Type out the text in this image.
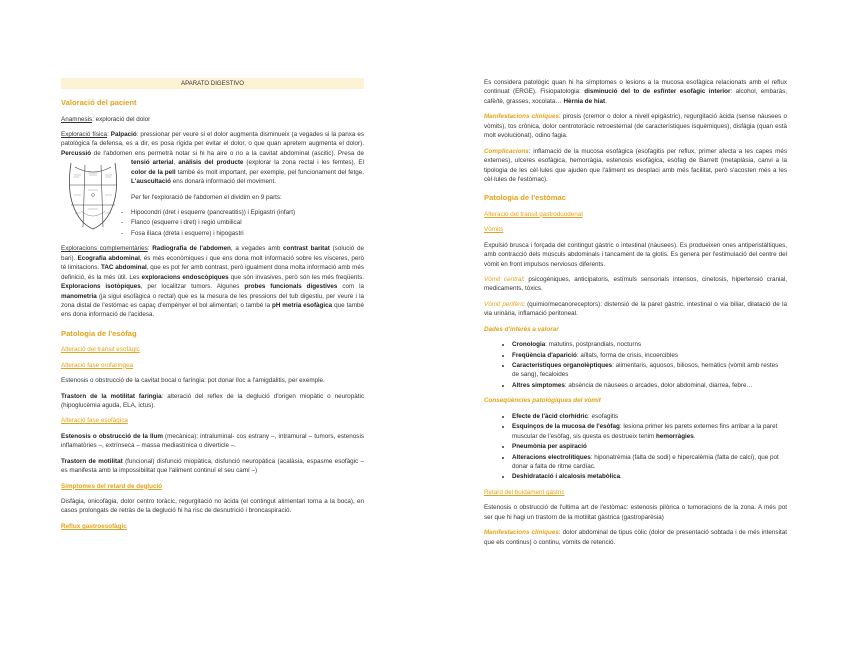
APARATO DIGESTIVO
Valoració del pacient

Anamnesis: exploració del dolor

Exploració física: Palpació: pressionar per veure si el dolor augmenta disminueix (a vegades si la panxa es patològica fa defensa, es a dir, es posa rígida per evitar el dolor, o que quan apretem augmenta el dolor). Percussió de l'abdomen ens permetrà notar si hi ha aire o no a la cavitat abdominal (ascitic). Presa de
tensió arterial, anàlisis del producte (explorar la zona rectal i les femtes). El color de la pell també és molt important, per exemple, pel funcionament del fetge. L'auscultació ens donarà informació del moviment.

Per fer l'exploració de l'abdomen el dividim en 9 parts:

- Hipocondri (dret i esquerre (pancreatitis)) i Epigastri (infart)
- Flanco (esquerre i dret) i regió umbilical
- Fosa ilíaca (dreta i esquerre) i hipogastri

Exploracions complementàries: Radiografia de l'abdomen, a vegades amb contrast baritat (solució de bari). Ecografia abdominal, és més econòmiques i que ens dona molt informació sobre les vísceres, però té limitacions. TAC abdominal, que es pot fer amb contrast, però igualment dona molta informació amb més definició, és la més útil. Les exploracions endoscòpiques que són invasives, però són les més freqüents. Exploracions isotòpiques, per localitzar tumors. Algunes probes funcionals digestives com la manometria (ja sigui esofàgica o rectal) que es la mesura de les pressions del tub digestiu, per veure i la zona distal de l'estómac es capaç d'empènyer el bol alimentari; o també la pH metria esofàgica que també ens dona informació de l'acidesa.

Patologia de l'esòfag
Alteració del transit esofàgic
Alteració fase orofaríngea

Estenosis o obstrucció de la cavitat bocal o faríngia: pot donar lloc a l'amigdalitis, per exemple.

Trastorn de la motilitat faríngia: alteració del reflex de la deglució d'origen miopàtic o neuropàtic (hipoglucèmia aguda, ELA, ictus).

Alteració fase esofàgica

Estenosis o obstrucció de la llum (mecànica): intraluminal- cos estrany –, intramural – tumors, estenosis inflamatòries –, extrínseca – massa mediastínica o diverticle –.

Trastorn de motilitat (funcional) disfunció miopàtica, disfunció neuropàtica (acalàsia, espasme esofàgic – es manifesta amb la impossibilitat que l'aliment continuï el seu camí –)

Símptomes del retard de deglució

Disfàgia, onicofàgia, dolor centro toràcic, regurgitació no àcida (el contingut alimentari torna a la boca), en casos prolongats de retràs de la deglució hi ha risc de desnutrició i broncaspiració.

Reflux gastroesofàgic

Es considera patològic quan hi ha símptomes o lesions a la mucosa esofàgica relacionats amb el reflux continuat (ERGE). Fisiopatologia: disminució del to de esfínter esofàgic interior: alcohol, embaràs, cafè/tè, grasses, xocolata… Hèrnia de hiat.

Manifestacions clíniques: pirosis (cremor o dolor a nivell epigàstric), regurgitació àcida (sense nàusees o vòmits), tos crònica, dolor centrotoràcic retroesternal (de característiques isquèmiques), disfàgia (quan està molt evolucionat), odino fagia.

Complicacions: inflamació de la mucosa esofàgica (esofagitis per reflux, primer afecta a les capes més externes), ulceres esofàgica, hemorràgia, estenosis esofàgica, esòfag de Barrett (metaplàsia, canvi a la tipologia de les cèl·lules que ajuden que l'aliment es desplaci amb més facilitat, però s'acosten més a les cèl·lules de l'estòmac).

Patologia de l'estòmac
Alteració del transit gastroduodenal
Vòmits

Expulsió brusca i forçada del contingut gàstric o intestinal (nàusees). Es produeixen ones antiperistàltiques, amb contracció dels músculs abdominals i tancament de la glotis. Es genera per l'estimulació del centre del vòmit en front impulsos nerviosos diferents.

Vòmit central: psicogèniques, anticipatoris, estímuls sensorials intensos, cinetosis, hipertensió cranial, medicaments, tòxics.

Vòmit perifèric (quimio/mecanoreceptors): distensió de la paret gàstric, intestinal o via biliar, dilatació de la via urinària, inflamació peritoneal.

Dades d'interès a valorar

• Cronologia: matutins, postprandials, nocturns
• Freqüència d'aparició: aïllats, forma de crisis, incoercibles
• Característiques organolèptiques: alimentaris, aquosos, biliosos, hemàtics (vòmit amb restes de sang), fecaloides
• Altres simptomes: absència de nàusees o arcades, dolor abdominal, diarrea, febre…

Conseqüències patològiques del vòmit

• Efecte de l'àcid clorhídric: esofagitis
• Esquinços de la mucosa de l'esòfag: lesiona primer les parets externes fins arribar a la paret muscular de l'esòfag, sis questa es destrueix tenim hemorràgies.
• Pneumònia per aspiració
• Alteracions electrolítiques: hiponatrèmia (falta de sodi) e hipercalèmia (falta de calci), que pot donar a falta de ritme cardíac.
• Deshidratació i alcalosis metabòlica.
Retard del buidament gàstric

Estenosis o obstrucció de l'ultima art de l'estòmac: estenosis pilòrica o tumoracions de la zona. A més pot ser que hi hagi un trastorn de la motilitat gàstrica (gastroparèsia)

Manifestacions clíniques: dolor abdominal de tipus còlic (dolor de presentació sobtada i de més intensitat que els continus) o continu, vòmits de retenció.
